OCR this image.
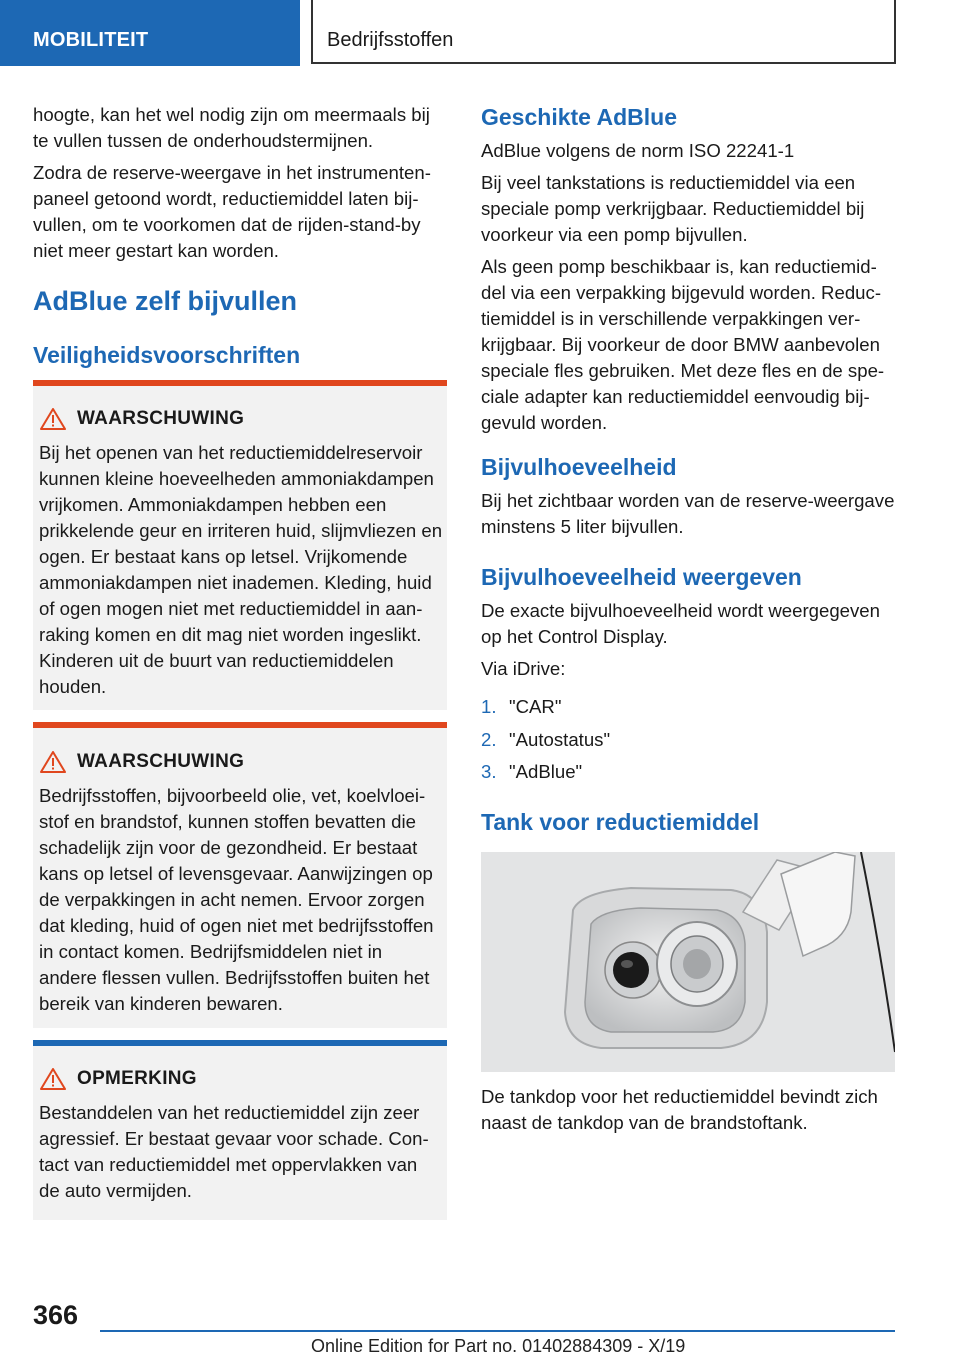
MOBILITEIT	Bedrijfsstoffen

hoogte, kan het wel nodig zijn om meermaals bij te vullen tussen de onderhoudstermijnen.

Zodra de reserve-weergave in het instrumentenpaneel getoond wordt, reductiemiddel laten bijvullen, om te voorkomen dat de rijden-stand-by niet meer gestart kan worden.

AdBlue zelf bijvullen
Veiligheidsvoorschriften
WAARSCHUWING

Bij het openen van het reductiemiddelreservoir kunnen kleine hoeveelheden ammoniakdampen vrijkomen. Ammoniakdampen hebben een prikkelende geur en irriteren huid, slijmvliezen en ogen. Er bestaat kans op letsel. Vrijkomende ammoniakdampen niet inademen. Kleding, huid of ogen mogen niet met reductiemiddel in aanraking komen en dit mag niet worden ingeslikt. Kinderen uit de buurt van reductiemiddelen houden.

WAARSCHUWING

Bedrijfsstoffen, bijvoorbeeld olie, vet, koelvloeistof en brandstof, kunnen stoffen bevatten die schadelijk zijn voor de gezondheid. Er bestaat kans op letsel of levensgevaar. Aanwijzingen op de verpakkingen in acht nemen. Ervoor zorgen dat kleding, huid of ogen niet met bedrijfsstoffen in contact komen. Bedrijfsmiddelen niet in andere flessen vullen. Bedrijfsstoffen buiten het bereik van kinderen bewaren.

OPMERKING

Bestanddelen van het reductiemiddel zijn zeer agressief. Er bestaat gevaar voor schade. Contact van reductiemiddel met oppervlakken van de auto vermijden.

Geschikte AdBlue

AdBlue volgens de norm ISO 22241-1

Bij veel tankstations is reductiemiddel via een speciale pomp verkrijgbaar. Reductiemiddel bij voorkeur via een pomp bijvullen.

Als geen pomp beschikbaar is, kan reductiemiddel via een verpakking bijgevuld worden. Reductiemiddel is in verschillende verpakkingen verkrijgbaar. Bij voorkeur de door BMW aanbevolen speciale fles gebruiken. Met deze fles en de speciale adapter kan reductiemiddel eenvoudig bijgevuld worden.

Bijvulhoeveelheid

Bij het zichtbaar worden van de reserve-weergave minstens 5 liter bijvullen.

Bijvulhoeveelheid weergeven

De exacte bijvulhoeveelheid wordt weergegeven op het Control Display.

Via iDrive:

1. "CAR"
2. "Autostatus"
3. "AdBlue"
Tank voor reductiemiddel

De tankdop voor het reductiemiddel bevindt zich naast de tankdop van de brandstoftank.

366
Online Edition for Part no. 01402884309 - X/19
